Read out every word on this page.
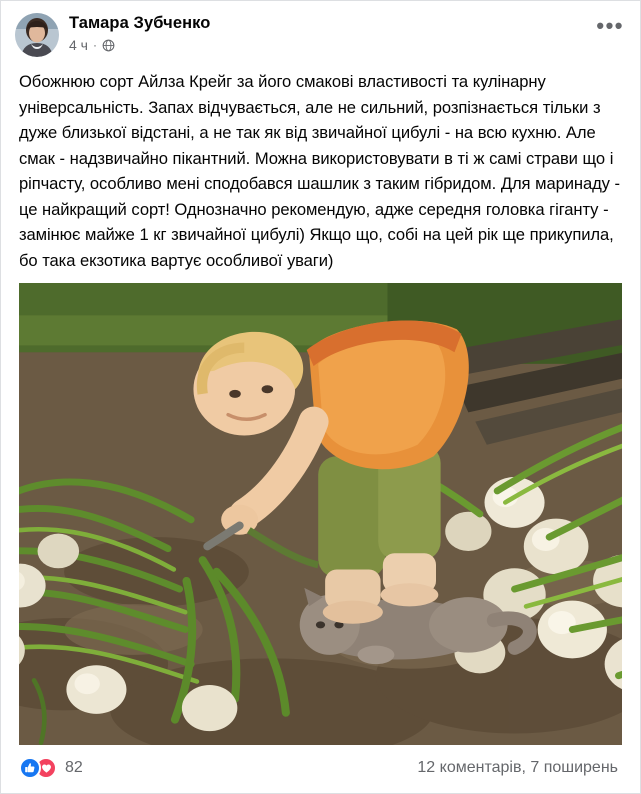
Тамара Зубченко
4 ч ·
•••
Обожнюю сорт Айлза Крейг за його смакові властивості та кулінарну універсальність. Запах відчувається, але не сильний, розпізнається тільки з дуже близької відстані, а не так як від звичайної цибулі - на всю кухню. Але смак - надзвичайно пікантний. Можна використовувати в ті ж самі страви що і ріпчасту, особливо мені сподобався шашлик з таким гібридом. Для маринаду - це найкращий сорт! Однозначно рекомендую, адже середня головка гіганту - замінює майже 1 кг звичайної цибулі) Якщо що, собі на цей рік ще прикупила, бо така екзотика вартує особливої уваги)
82	12 коментарів, 7 поширень
